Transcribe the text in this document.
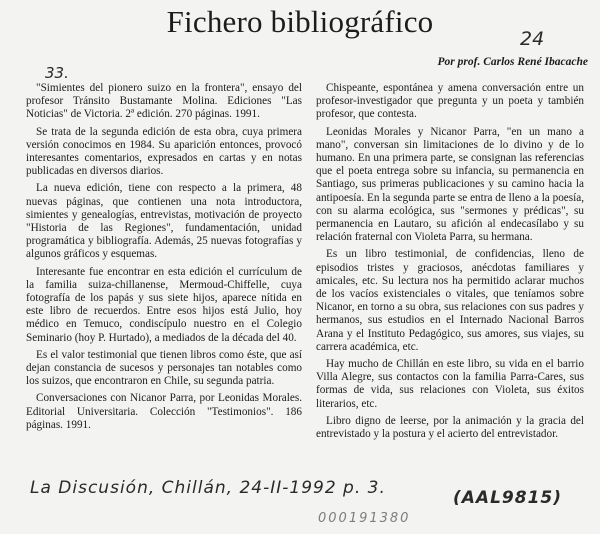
Fichero bibliográfico	24
Por prof. Carlos René Ibacache
33.

"Simientes del pionero suizo en la frontera", ensayo del profesor Tránsito Bustamante Molina. Ediciones "Las Noticias" de Victoria. 2ª edición. 270 páginas. 1991.

Se trata de la segunda edición de esta obra, cuya primera versión conocimos en 1984. Su aparición entonces, provocó interesantes comentarios, expresados en cartas y en notas publicadas en diversos diarios.

La nueva edición, tiene con respecto a la primera, 48 nuevas páginas, que contienen una nota introductora, simientes y genealogías, entrevistas, motivación de proyecto "Historia de las Regiones", fundamentación, unidad programática y bibliografía. Además, 25 nuevas fotografías y algunos gráficos y esquemas.

Interesante fue encontrar en esta edición el currículum de la familia suiza-chillanense, Mermoud-Chiffelle, cuya fotografía de los papás y sus siete hijos, aparece nítida en este libro de recuerdos. Entre esos hijos está Julio, hoy médico en Temuco, condiscípulo nuestro en el Colegio Seminario (hoy P. Hurtado), a mediados de la década del 40.

Es el valor testimonial que tienen libros como éste, que así dejan constancia de sucesos y personajes tan notables como los suizos, que encontraron en Chile, su segunda patria.

Conversaciones con Nicanor Parra, por Leonidas Morales. Editorial Universitaria. Colección "Testimonios". 186 páginas. 1991.

Chispeante, espontánea y amena conversación entre un profesor-investigador que pregunta y un poeta y también profesor, que contesta.

Leonidas Morales y Nicanor Parra, "en un mano a mano", conversan sin limitaciones de lo divino y de lo humano. En una primera parte, se consignan las referencias que el poeta entrega sobre su infancia, su permanencia en Santiago, sus primeras publicaciones y su camino hacia la antipoesía. En la segunda parte se entra de lleno a la poesía, con su alarma ecológica, sus "sermones y prédicas", su permanencia en Lautaro, su afición al endecasílabo y su relación fraternal con Violeta Parra, su hermana.

Es un libro testimonial, de confidencias, lleno de episodios tristes y graciosos, anécdotas familiares y amicales, etc. Su lectura nos ha permitido aclarar muchos de los vacíos existenciales o vitales, que teníamos sobre Nicanor, en torno a su obra, sus relaciones con sus padres y hermanos, sus estudios en el Internado Nacional Barros Arana y el Instituto Pedagógico, sus amores, sus viajes, su carrera académica, etc.

Hay mucho de Chillán en este libro, su vida en el barrio Villa Alegre, sus contactos con la familia Parra-Cares, sus formas de vida, sus relaciones con Violeta, sus éxitos literarios, etc.

Libro digno de leerse, por la animación y la gracia del entrevistado y la postura y el acierto del entrevistador.

La Discusión, Chillán, 24-II-1992 p. 3.	(AAL9815)
000191380
